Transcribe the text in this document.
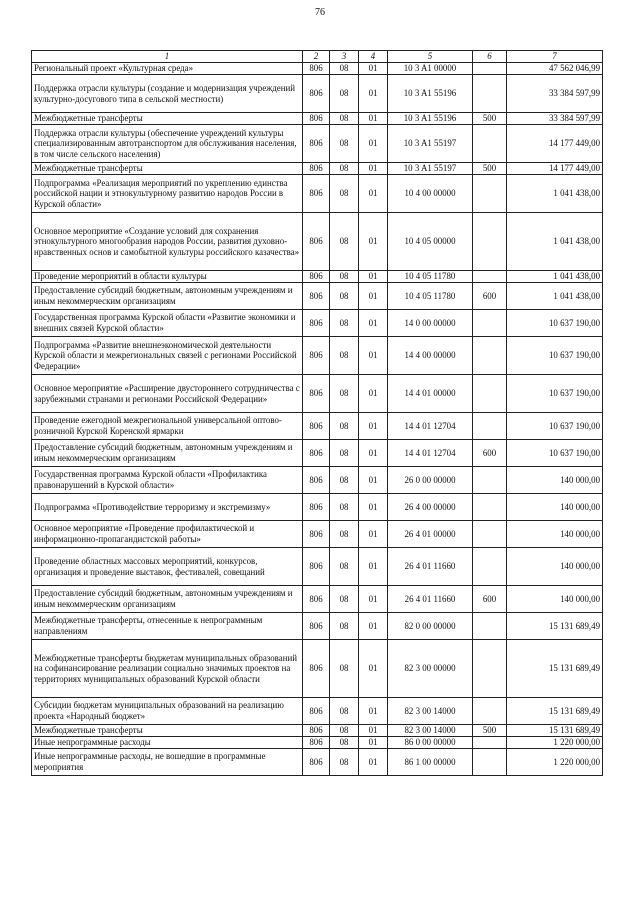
76
1	2	3	4	5	6	7
Региональный проект «Культурная среда»	806	08	01	10 3 A1 00000		47 562 046,99
Поддержка отрасли культуры (создание и модернизация учреждений культурно-досугового типа в сельской местности)	806	08	01	10 3 A1 55196		33 384 597,99
Межбюджетные трансферты	806	08	01	10 3 A1 55196	500	33 384 597,99
Поддержка отрасли культуры (обеспечение учреждений культуры специализированным автотранспортом для обслуживания населения, в том числе сельского населения)	806	08	01	10 3 A1 55197		14 177 449,00
Межбюджетные трансферты	806	08	01	10 3 A1 55197	500	14 177 449,00
Подпрограмма «Реализация мероприятий по укреплению единства российской нации и этнокультурному развитию народов России в Курской области»	806	08	01	10 4 00 00000		1 041 438,00
Основное мероприятие «Создание условий для сохранения этнокультурного многообразия народов России, развития духовно-нравственных основ и самобытной культуры российского казачества»	806	08	01	10 4 05 00000		1 041 438,00
Проведение мероприятий в области культуры	806	08	01	10 4 05 11780		1 041 438,00
Предоставление субсидий бюджетным, автономным учреждениям и иным некоммерческим организациям	806	08	01	10 4 05 11780	600	1 041 438,00
Государственная программа Курской области «Развитие экономики и внешних связей Курской области»	806	08	01	14 0 00 00000		10 637 190,00
Подпрограмма «Развитие внешнеэкономической деятельности Курской области и межрегиональных связей с регионами Российской Федерации»	806	08	01	14 4 00 00000		10 637 190,00
Основное мероприятие «Расширение двустороннего сотрудничества с зарубежными странами и регионами Российской Федерации»	806	08	01	14 4 01 00000		10 637 190,00
Проведение ежегодной межрегиональной универсальной оптово-розничной Курской Коренской ярмарки	806	08	01	14 4 01 12704		10 637 190,00
Предоставление субсидий бюджетным, автономным учреждениям и иным некоммерческим организациям	806	08	01	14 4 01 12704	600	10 637 190,00
Государственная программа Курской области «Профилактика правонарушений в Курской области»	806	08	01	26 0 00 00000		140 000,00
Подпрограмма «Противодействие терроризму и экстремизму»	806	08	01	26 4 00 00000		140 000,00
Основное мероприятие «Проведение профилактической и информационно-пропагандистской работы»	806	08	01	26 4 01 00000		140 000,00
Проведение областных массовых мероприятий, конкурсов, организация и проведение выставок, фестивалей, совещаний	806	08	01	26 4 01 11660		140 000,00
Предоставление субсидий бюджетным, автономным учреждениям и иным некоммерческим организациям	806	08	01	26 4 01 11660	600	140 000,00
Межбюджетные трансферты, отнесенные к непрограммным направлениям	806	08	01	82 0 00 00000		15 131 689,49
Межбюджетные трансферты бюджетам муниципальных образований на софинансирование реализации социально значимых проектов на территориях муниципальных образований Курской области	806	08	01	82 3 00 00000		15 131 689,49
Субсидии бюджетам муниципальных образований на реализацию проекта «Народный бюджет»	806	08	01	82 3 00 14000		15 131 689,49
Межбюджетные трансферты	806	08	01	82 3 00 14000	500	15 131 689,49
Иные непрограммные расходы	806	08	01	86 0 00 00000		1 220 000,00
Иные непрограммные расходы, не вошедшие в программные мероприятия	806	08	01	86 1 00 00000		1 220 000,00
